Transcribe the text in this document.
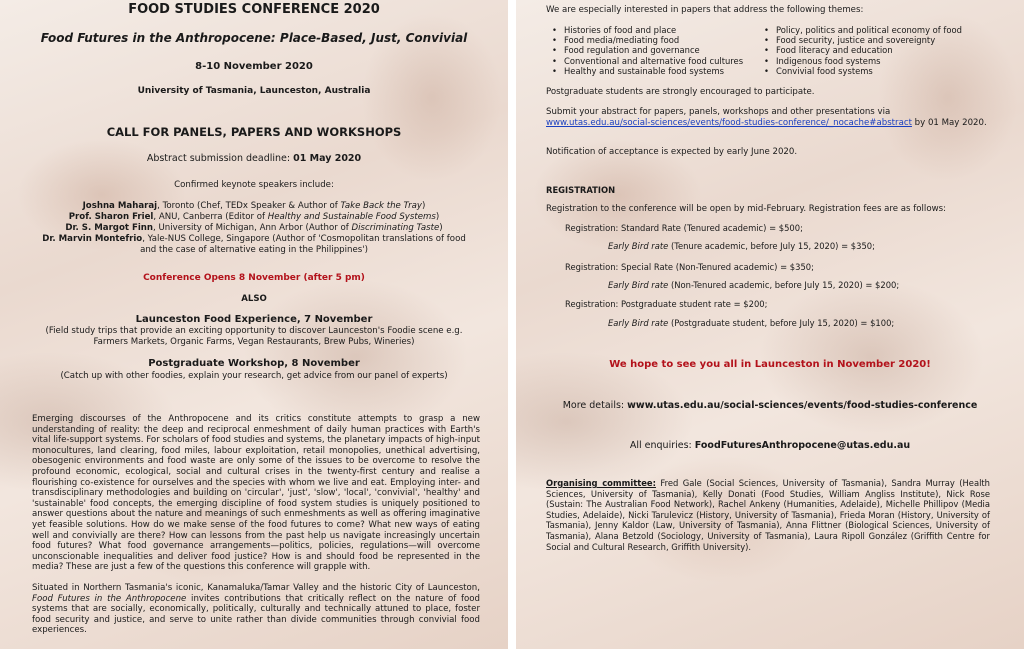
FOOD STUDIES CONFERENCE 2020
Food Futures in the Anthropocene: Place-Based, Just, Convivial
8-10 November 2020
University of Tasmania, Launceston, Australia
CALL FOR PANELS, PAPERS AND WORKSHOPS
Abstract submission deadline: 01 May 2020
Confirmed keynote speakers include:
Joshna Maharaj, Toronto (Chef, TEDx Speaker & Author of Take Back the Tray)
Prof. Sharon Friel, ANU, Canberra (Editor of Healthy and Sustainable Food Systems)
Dr. S. Margot Finn, University of Michigan, Ann Arbor (Author of Discriminating Taste)
Dr. Marvin Montefrio, Yale-NUS College, Singapore (Author of 'Cosmopolitan translations of food
and the case of alternative eating in the Philippines')
Conference Opens 8 November (after 5 pm)
ALSO
Launceston Food Experience, 7 November
(Field study trips that provide an exciting opportunity to discover Launceston's Foodie scene e.g.
Farmers Markets, Organic Farms, Vegan Restaurants, Brew Pubs, Wineries)
Postgraduate Workshop, 8 November
(Catch up with other foodies, explain your research, get advice from our panel of experts)
Emerging discourses of the Anthropocene and its critics constitute attempts to grasp a new understanding of reality: the deep and reciprocal enmeshment of daily human practices with Earth's vital life-support systems. For scholars of food studies and systems, the planetary impacts of high-input monocultures, land clearing, food miles, labour exploitation, retail monopolies, unethical advertising, obesogenic environments and food waste are only some of the issues to be overcome to resolve the profound economic, ecological, social and cultural crises in the twenty-first century and realise a flourishing co-existence for ourselves and the species with whom we live and eat. Employing inter- and transdisciplinary methodologies and building on 'circular', 'just', 'slow', 'local', 'convivial', 'healthy' and 'sustainable' food concepts, the emerging discipline of food system studies is uniquely positioned to answer questions about the nature and meanings of such enmeshments as well as offering imaginative yet feasible solutions. How do we make sense of the food futures to come? What new ways of eating well and convivially are there? How can lessons from the past help us navigate increasingly uncertain food futures? What food governance arrangements—politics, policies, regulations—will overcome unconscionable inequalities and deliver food justice? How is and should food be represented in the media? These are just a few of the questions this conference will grapple with.
Situated in Northern Tasmania's iconic, Kanamaluka/Tamar Valley and the historic City of Launceston, Food Futures in the Anthropocene invites contributions that critically reflect on the nature of food systems that are socially, economically, politically, culturally and technically attuned to place, foster food security and justice, and serve to unite rather than divide communities through convivial food experiences.
We are especially interested in papers that address the following themes:
• Histories of food and place
• Food media/mediating food
• Food regulation and governance
• Conventional and alternative food cultures
• Healthy and sustainable food systems
• Policy, politics and political economy of food
• Food security, justice and sovereignty
• Food literacy and education
• Indigenous food systems
• Convivial food systems
Postgraduate students are strongly encouraged to participate.
Submit your abstract for papers, panels, workshops and other presentations via
www.utas.edu.au/social-sciences/events/food-studies-conference/_nocache#abstract by 01 May 2020.
Notification of acceptance is expected by early June 2020.
REGISTRATION
Registration to the conference will be open by mid-February. Registration fees are as follows:
Registration: Standard Rate (Tenured academic) = $500;
Early Bird rate (Tenure academic, before July 15, 2020) = $350;
Registration: Special Rate (Non-Tenured academic) = $350;
Early Bird rate (Non-Tenured academic, before July 15, 2020) = $200;
Registration: Postgraduate student rate = $200;
Early Bird rate (Postgraduate student, before July 15, 2020) = $100;
We hope to see you all in Launceston in November 2020!
More details: www.utas.edu.au/social-sciences/events/food-studies-conference
All enquiries: FoodFuturesAnthropocene@utas.edu.au
Organising committee: Fred Gale (Social Sciences, University of Tasmania), Sandra Murray (Health Sciences, University of Tasmania), Kelly Donati (Food Studies, William Angliss Institute), Nick Rose (Sustain: The Australian Food Network), Rachel Ankeny (Humanities, Adelaide), Michelle Phillipov (Media Studies, Adelaide), Nicki Tarulevicz (History, University of Tasmania), Frieda Moran (History, University of Tasmania), Jenny Kaldor (Law, University of Tasmania), Anna Flittner (Biological Sciences, University of Tasmania), Alana Betzold (Sociology, University of Tasmania), Laura Ripoll González (Griffith Centre for Social and Cultural Research, Griffith University).
